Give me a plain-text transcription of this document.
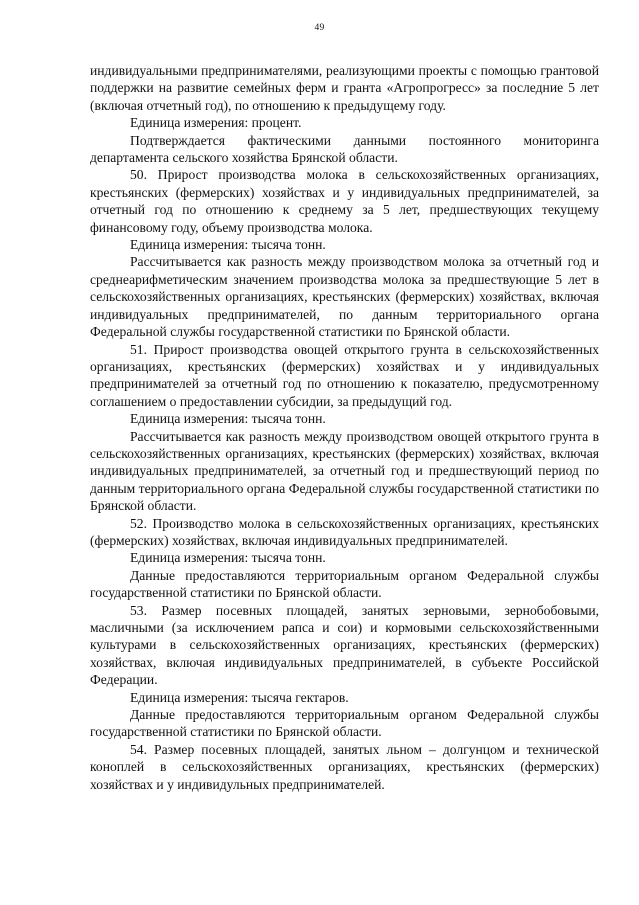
49

индивидуальными предпринимателями, реализующими проекты с помощью грантовой поддержки на развитие семейных ферм и гранта «Агропрогресс» за последние 5 лет (включая отчетный год), по отношению к предыдущему году.

Единица измерения: процент.

Подтверждается фактическими данными постоянного мониторинга департамента сельского хозяйства Брянской области.

50. Прирост производства молока в сельскохозяйственных организациях, крестьянских (фермерских) хозяйствах и у индивидуальных предпринимателей, за отчетный год по отношению к среднему за 5 лет, предшествующих текущему финансовому году, объему производства молока.

Единица измерения: тысяча тонн.

Рассчитывается как разность между производством молока за отчетный год и среднеарифметическим значением производства молока за предшествующие 5 лет в сельскохозяйственных организациях, крестьянских (фермерских) хозяйствах, включая индивидуальных предпринимателей, по данным территориального органа Федеральной службы государственной статистики по Брянской области.

51. Прирост производства овощей открытого грунта в сельскохозяйственных организациях, крестьянских (фермерских) хозяйствах и у индивидуальных предпринимателей за отчетный год по отношению к показателю, предусмотренному соглашением о предоставлении субсидии, за предыдущий год.

Единица измерения: тысяча тонн.

Рассчитывается как разность между производством овощей открытого грунта в сельскохозяйственных организациях, крестьянских (фермерских) хозяйствах, включая индивидуальных предпринимателей, за отчетный год и предшествующий период по данным территориального органа Федеральной службы государственной статистики по Брянской области.

52. Производство молока в сельскохозяйственных организациях, крестьянских (фермерских) хозяйствах, включая индивидуальных предпринимателей.

Единица измерения: тысяча тонн.

Данные предоставляются территориальным органом Федеральной службы государственной статистики по Брянской области.

53. Размер посевных площадей, занятых зерновыми, зернобобовыми, масличными (за исключением рапса и сои) и кормовыми сельскохозяйственными культурами в сельскохозяйственных организациях, крестьянских (фермерских) хозяйствах, включая индивидуальных предпринимателей, в субъекте Российской Федерации.

Единица измерения: тысяча гектаров.

Данные предоставляются территориальным органом Федеральной службы государственной статистики по Брянской области.

54. Размер посевных площадей, занятых льном – долгунцом и технической коноплей в сельскохозяйственных организациях, крестьянских (фермерских) хозяйствах и у индивидульных предпринимателей.
